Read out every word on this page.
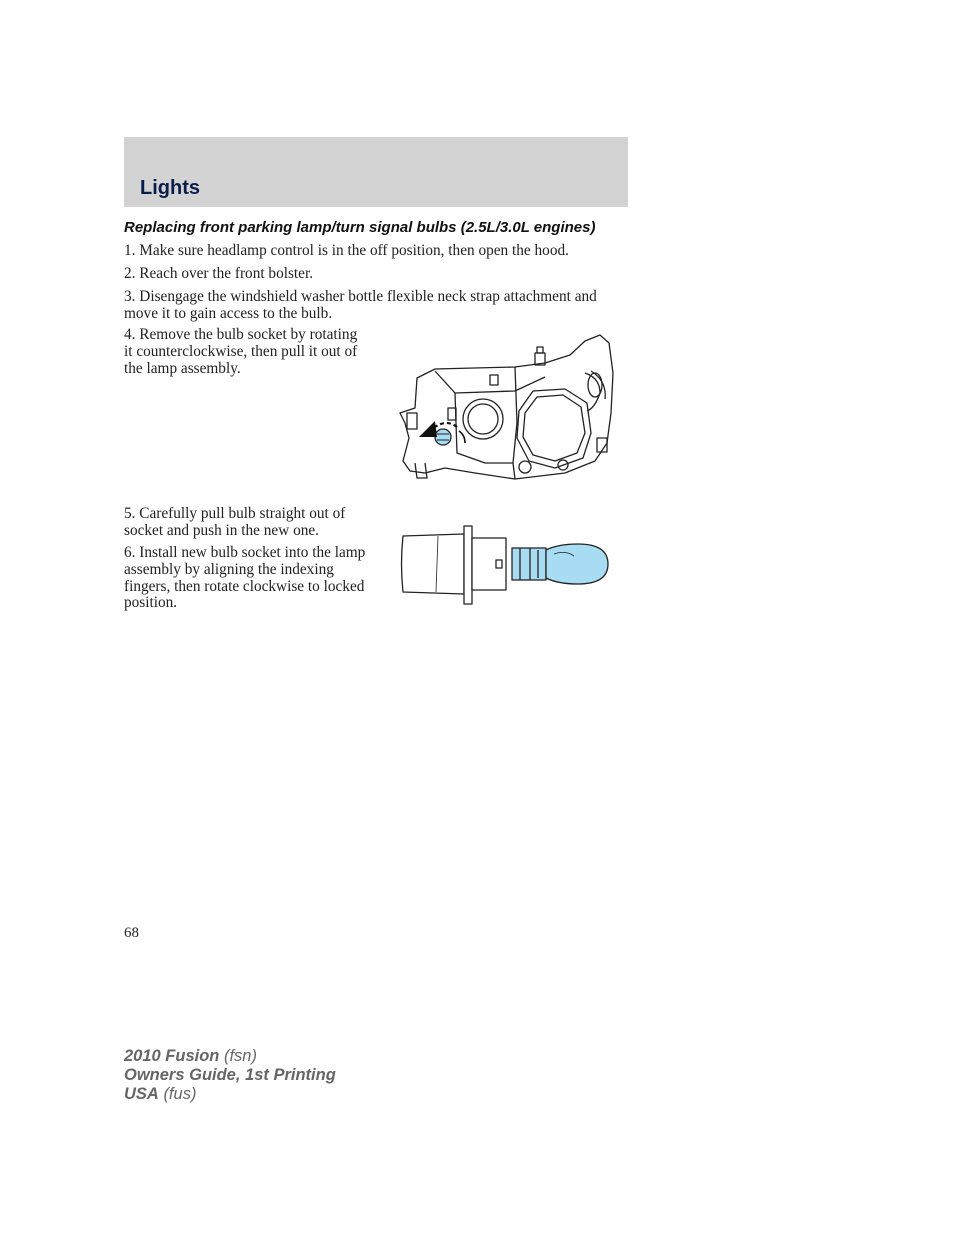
Lights
Replacing front parking lamp/turn signal bulbs (2.5L/3.0L engines)

1. Make sure headlamp control is in the off position, then open the hood.

2. Reach over the front bolster.

3. Disengage the windshield washer bottle flexible neck strap attachment and move it to gain access to the bulb.

4. Remove the bulb socket by rotating it counterclockwise, then pull it out of the lamp assembly.

5. Carefully pull bulb straight out of socket and push in the new one.

6. Install new bulb socket into the lamp assembly by aligning the indexing fingers, then rotate clockwise to locked position.

68
2010 Fusion (fsn)
Owners Guide, 1st Printing
USA (fus)
